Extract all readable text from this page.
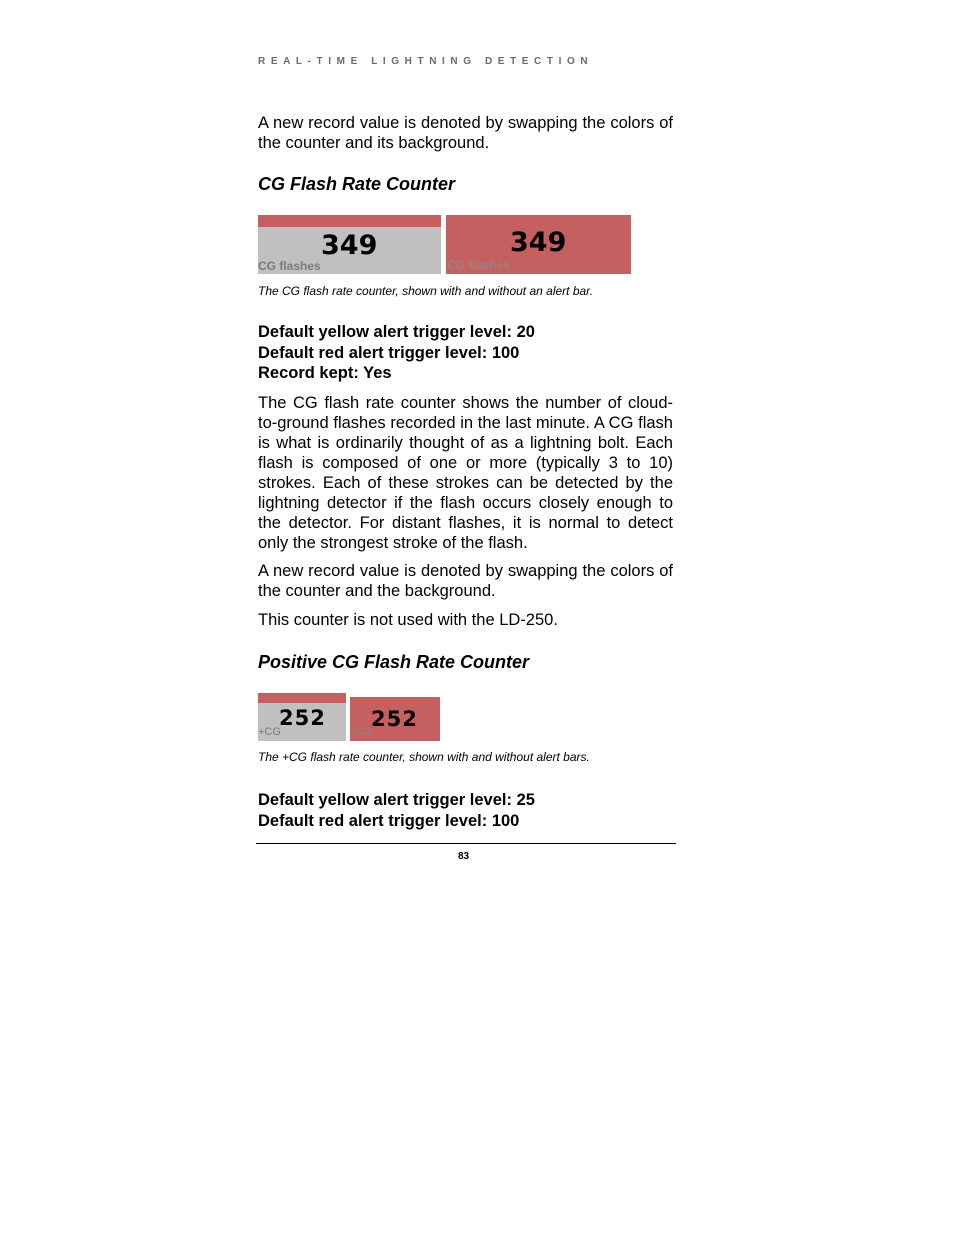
REAL-TIME LIGHTNING DETECTION

A new record value is denoted by swapping the colors of the counter and its background.

CG Flash Rate Counter
349
CG flashes
349
CG flashes

The CG flash rate counter, shown with and without an alert bar.

Default yellow alert trigger level: 20
Default red alert trigger level: 100
Record kept: Yes

The CG flash rate counter shows the number of cloud-to-ground flashes recorded in the last minute. A CG flash is what is ordinarily thought of as a lightning bolt. Each flash is composed of one or more (typically 3 to 10) strokes. Each of these strokes can be detected by the lightning detector if the flash occurs closely enough to the detector. For distant flashes, it is normal to detect only the strongest stroke of the flash.

A new record value is denoted by swapping the colors of the counter and the background.

This counter is not used with the LD-250.

Positive CG Flash Rate Counter
252
+CG
252
+CG

The +CG flash rate counter, shown with and without alert bars.

Default yellow alert trigger level: 25
Default red alert trigger level: 100
83
